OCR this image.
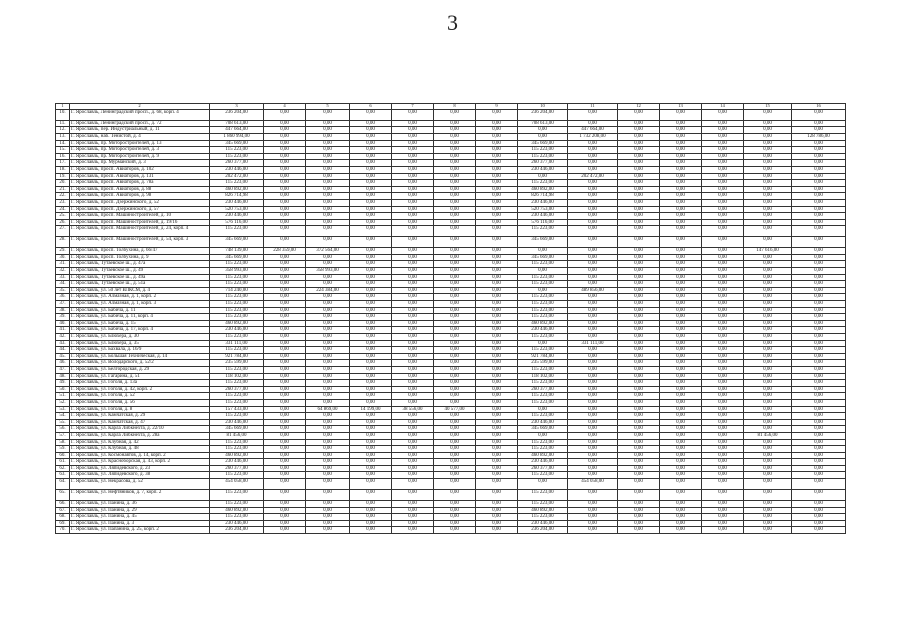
3
1	2	3	4	5	6	7	8	9	10	11	12	13	14	15	16
10.	Г. Ярославль, Ленинградский просп., д. 68, корп. 4	236 204,00	0,00	0,00	0,00	0,00	0,00	0,00	236 204,00	0,00	0,00	0,00	0,00	0,00	0,00
11.	Г. Ярославль, Ленинградский просп., д. 72	708 613,00	0,00	0,00	0,00	0,00	0,00	0,00	708 613,00	0,00	0,00	0,00	0,00	0,00	0,00
12.	Г. Ярославль, пер. Индустриальный, д. 11	447 664,00	0,00	0,00	0,00	0,00	0,00	0,00	0,00	447 664,00	0,00	0,00	0,00	0,00	0,00
13.	Г. Ярославль, наб. Тенистой, д. 4	1 860 994,00	0,00	0,00	0,00	0,00	0,00	0,00	0,00	1 732 208,00	0,00	0,00	0,00	0,00	128 786,00
14.	Г. Ярославль, пр. Моторостроителей, д. 13	345 669,00	0,00	0,00	0,00	0,00	0,00	0,00	345 669,00	0,00	0,00	0,00	0,00	0,00	0,00
15.	Г. Ярославль, пр. Моторостроителей, д. 3	115 223,00	0,00	0,00	0,00	0,00	0,00	0,00	115 223,00	0,00	0,00	0,00	0,00	0,00	0,00
16.	Г. Ярославль, пр. Моторостроителей, д. 9	115 223,00	0,00	0,00	0,00	0,00	0,00	0,00	115 223,00	0,00	0,00	0,00	0,00	0,00	0,00
17.	Г. Ярославль, пр. Мурманский, д. 3	260 377,00	0,00	0,00	0,00	0,00	0,00	0,00	260 377,00	0,00	0,00	0,00	0,00	0,00	0,00
18.	Г. Ярославль, просп. Авиаторов, д. 102	230 446,00	0,00	0,00	0,00	0,00	0,00	0,00	230 446,00	0,00	0,00	0,00	0,00	0,00	0,00
19.	Г. Ярославль, просп. Авиаторов, д. 131	202 472,00	0,00	0,00	0,00	0,00	0,00	0,00	0,00	202 472,00	0,00	0,00	0,00	0,00	0,00
20.	Г. Ярославль, просп. Авиаторов, д. 78а	115 223,00	0,00	0,00	0,00	0,00	0,00	0,00	115 223,00	0,00	0,00	0,00	0,00	0,00	0,00
21.	Г. Ярославль, просп. Авиаторов, д. 88	460 892,00	0,00	0,00	0,00	0,00	0,00	0,00	460 892,00	0,00	0,00	0,00	0,00	0,00	0,00
22.	Г. Ярославль, просп. Авиаторов, д. 98	826 714,98	0,00	0,00	0,00	0,00	0,00	0,00	826 714,98	0,00	0,00	0,00	0,00	0,00	0,00
23.	Г. Ярославль, просп. Дзержинского, д. 52	230 446,00	0,00	0,00	0,00	0,00	0,00	0,00	230 446,00	0,00	0,00	0,00	0,00	0,00	0,00
24.	Г. Ярославль, просп. Дзержинского, д. 57	520 753,00	0,00	0,00	0,00	0,00	0,00	0,00	520 753,00	0,00	0,00	0,00	0,00	0,00	0,00
25.	Г. Ярославль, просп. Машиностроителей, д. 10	230 446,00	0,00	0,00	0,00	0,00	0,00	0,00	230 446,00	0,00	0,00	0,00	0,00	0,00	0,00
26.	Г. Ярославль, просп. Машиностроителей, д. 19/16	576 116,00	0,00	0,00	0,00	0,00	0,00	0,00	576 116,00	0,00	0,00	0,00	0,00	0,00	0,00
27.	Г. Ярославль, просп. Машиностроителей, д. 24, корп. 4	115 223,00	0,00	0,00	0,00	0,00	0,00	0,00	115 223,00	0,00	0,00	0,00	0,00	0,00	0,00
28.	Г. Ярославль, просп. Машиностроителей, д. 54, корп. 3	345 669,00	0,00	0,00	0,00	0,00	0,00	0,00	345 669,00	0,00	0,00	0,00	0,00	0,00	0,00
29.	Г. Ярославль, просп. Толбухина, д. 66/47	748 139,00	228 359,00	372 564,00	0,00	0,00	0,00	0,00	0,00	0,00	0,00	0,00	0,00	147 616,00	0,00
30.	Г. Ярославль, просп. Толбухина, д. 9	345 669,00	0,00	0,00	0,00	0,00	0,00	0,00	345 669,00	0,00	0,00	0,00	0,00	0,00	0,00
31.	Г. Ярославль, Тутаевское ш., д. 47а	115 223,00	0,00	0,00	0,00	0,00	0,00	0,00	115 223,00	0,00	0,00	0,00	0,00	0,00	0,00
32.	Г. Ярославль, Тутаевское ш., д. 49	358 993,00	0,00	358 993,00	0,00	0,00	0,00	0,00	0,00	0,00	0,00	0,00	0,00	0,00	0,00
33.	Г. Ярославль, Тутаевское ш., д. 49а	115 223,00	0,00	0,00	0,00	0,00	0,00	0,00	115 223,00	0,00	0,00	0,00	0,00	0,00	0,00
34.	Г. Ярославль, Тутаевское ш., д. 51а	115 223,00	0,00	0,00	0,00	0,00	0,00	0,00	115 223,00	0,00	0,00	0,00	0,00	0,00	0,00
35.	Г. Ярославль, ул. 50 лет ВЛКСМ, д. 4	714 240,00	0,00	224 384,00	0,00	0,00	0,00	0,00	0,00	489 856,00	0,00	0,00	0,00	0,00	0,00
36.	Г. Ярославль, ул. Алмазная, д. 1, корп. 2	115 223,00	0,00	0,00	0,00	0,00	0,00	0,00	115 223,00	0,00	0,00	0,00	0,00	0,00	0,00
37.	Г. Ярославль, ул. Алмазная, д. 1, корп. 3	115 223,00	0,00	0,00	0,00	0,00	0,00	0,00	115 223,00	0,00	0,00	0,00	0,00	0,00	0,00
38.	Г. Ярославль, ул. Бабича, д. 11	115 223,00	0,00	0,00	0,00	0,00	0,00	0,00	115 223,00	0,00	0,00	0,00	0,00	0,00	0,00
39.	Г. Ярославль, ул. Бабича, д. 11, корп. 4	115 223,00	0,00	0,00	0,00	0,00	0,00	0,00	115 223,00	0,00	0,00	0,00	0,00	0,00	0,00
40.	Г. Ярославль, ул. Бабича, д. 15	460 892,00	0,00	0,00	0,00	0,00	0,00	0,00	460 892,00	0,00	0,00	0,00	0,00	0,00	0,00
41.	Г. Ярославль, ул. Бабича, д. 17, корп. 4	230 446,00	0,00	0,00	0,00	0,00	0,00	0,00	230 446,00	0,00	0,00	0,00	0,00	0,00	0,00
42.	Г. Ярославль, ул. Блюхера, д. 30	115 223,00	0,00	0,00	0,00	0,00	0,00	0,00	115 223,00	0,00	0,00	0,00	0,00	0,00	0,00
43.	Г. Ярославль, ул. Блюхера, д. 35	331 111,00	0,00	0,00	0,00	0,00	0,00	0,00	0,00	331 111,00	0,00	0,00	0,00	0,00	0,00
44.	Г. Ярославль, ул. Бахвала, д. 16/9	115 223,00	0,00	0,00	0,00	0,00	0,00	0,00	115 223,00	0,00	0,00	0,00	0,00	0,00	0,00
45.	Г. Ярославль, ул. Большая Техническая, д. 14	921 784,00	0,00	0,00	0,00	0,00	0,00	0,00	921 784,00	0,00	0,00	0,00	0,00	0,00	0,00
46.	Г. Ярославль, ул. Володарского, д. 52/2	235 599,00	0,00	0,00	0,00	0,00	0,00	0,00	235 599,00	0,00	0,00	0,00	0,00	0,00	0,00
47.	Г. Ярославль, ул. Белгородская, д. 29	115 223,00	0,00	0,00	0,00	0,00	0,00	0,00	115 223,00	0,00	0,00	0,00	0,00	0,00	0,00
48.	Г. Ярославль, ул. Гагарина, д. 51	118 102,00	0,00	0,00	0,00	0,00	0,00	0,00	118 102,00	0,00	0,00	0,00	0,00	0,00	0,00
49.	Г. Ярославль, ул. Гоголя, д. 13а	115 223,00	0,00	0,00	0,00	0,00	0,00	0,00	115 223,00	0,00	0,00	0,00	0,00	0,00	0,00
50.	Г. Ярославль, ул. Гоголя, д. 42, корп. 2	260 377,00	0,00	0,00	0,00	0,00	0,00	0,00	260 377,00	0,00	0,00	0,00	0,00	0,00	0,00
51.	Г. Ярославль, ул. Гоголя, д. 52	115 223,00	0,00	0,00	0,00	0,00	0,00	0,00	115 223,00	0,00	0,00	0,00	0,00	0,00	0,00
52.	Г. Ярославль, ул. Гоголя, д. 56	115 223,00	0,00	0,00	0,00	0,00	0,00	0,00	115 223,00	0,00	0,00	0,00	0,00	0,00	0,00
53.	Г. Ярославль, ул. Гоголя, д. 8	157 433,00	0,00	64 869,00	14 199,00	38 556,00	40 577,00	0,00	0,00	0,00	0,00	0,00	0,00	0,00	0,00
54.	Г. Ярославль, ул. Камчатская, д. 29	115 223,00	0,00	0,00	0,00	0,00	0,00	0,00	115 223,00	0,00	0,00	0,00	0,00	0,00	0,00
55.	Г. Ярославль, ул. Камчатская, д. 47	230 446,00	0,00	0,00	0,00	0,00	0,00	0,00	230 446,00	0,00	0,00	0,00	0,00	0,00	0,00
56.	Г. Ярославль, ул. Карла Либкнехта, д. 22/10	345 669,00	0,00	0,00	0,00	0,00	0,00	0,00	345 669,00	0,00	0,00	0,00	0,00	0,00	0,00
57.	Г. Ярославль, ул. Карла Либкнехта, д. 28а	81 456,00	0,00	0,00	0,00	0,00	0,00	0,00	0,00	0,00	0,00	0,00	0,00	81 456,00	0,00
58.	Г. Ярославль, ул. Клубная, д. 42	115 223,00	0,00	0,00	0,00	0,00	0,00	0,00	115 223,00	0,00	0,00	0,00	0,00	0,00	0,00
59.	Г. Ярославль, ул. Клубная, д. 48	115 223,00	0,00	0,00	0,00	0,00	0,00	0,00	115 223,00	0,00	0,00	0,00	0,00	0,00	0,00
60.	Г. Ярославль, ул. Космонавтов, д. 14, корп. 2	460 892,00	0,00	0,00	0,00	0,00	0,00	0,00	460 892,00	0,00	0,00	0,00	0,00	0,00	0,00
61.	Г. Ярославль, ул. Красноборская, д. 43, корп. 2	230 446,00	0,00	0,00	0,00	0,00	0,00	0,00	230 446,00	0,00	0,00	0,00	0,00	0,00	0,00
62.	Г. Ярославль, ул. Ляпидевского, д. 23	260 377,00	0,00	0,00	0,00	0,00	0,00	0,00	260 377,00	0,00	0,00	0,00	0,00	0,00	0,00
63.	Г. Ярославль, ул. Ляпидевского, д. 38	115 223,00	0,00	0,00	0,00	0,00	0,00	0,00	115 223,00	0,00	0,00	0,00	0,00	0,00	0,00
64.	Г. Ярославль, ул. Некрасова, д. 52	454 058,00	0,00	0,00	0,00	0,00	0,00	0,00	0,00	454 058,00	0,00	0,00	0,00	0,00	0,00
65.	Г. Ярославль, ул. Нефтяников, д. 7, корп. 2	115 223,00	0,00	0,00	0,00	0,00	0,00	0,00	115 223,00	0,00	0,00	0,00	0,00	0,00	0,00
66.	Г. Ярославль, ул. Панина, д. 36	115 223,00	0,00	0,00	0,00	0,00	0,00	0,00	115 223,00	0,00	0,00	0,00	0,00	0,00	0,00
67.	Г. Ярославль, ул. Панина, д. 29	460 892,00	0,00	0,00	0,00	0,00	0,00	0,00	460 892,00	0,00	0,00	0,00	0,00	0,00	0,00
68.	Г. Ярославль, ул. Панина, д. 45	115 223,00	0,00	0,00	0,00	0,00	0,00	0,00	115 223,00	0,00	0,00	0,00	0,00	0,00	0,00
69.	Г. Ярославль, ул. Панина, д. 3	230 446,00	0,00	0,00	0,00	0,00	0,00	0,00	230 446,00	0,00	0,00	0,00	0,00	0,00	0,00
70.	Г. Ярославль, ул. Папанина, д. 25, корп. 2	236 204,00	0,00	0,00	0,00	0,00	0,00	0,00	236 204,00	0,00	0,00	0,00	0,00	0,00	0,00
